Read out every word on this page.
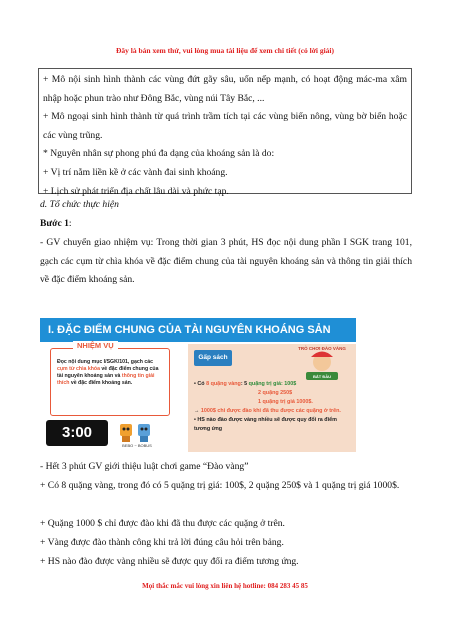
Đây là bản xem thử, vui lòng mua tài liệu để xem chi tiết (có lời giải)

+ Mô nội sinh hình thành các vùng đứt gãy sâu, uốn nếp mạnh, có hoạt động mác-ma xâm nhập hoặc phun trào như Đông Bắc, vùng núi Tây Bắc, ...

+ Mô ngoại sinh hình thành từ quá trình trầm tích tại các vùng biển nông, vùng bờ biển hoặc các vùng trũng.

* Nguyên nhân sự phong phú đa dạng của khoáng sản là do:

+ Vị trí nằm liền kề ở các vành đai sinh khoáng.

+ Lịch sử phát triển địa chất lâu dài và phức tạp.

d. Tổ chức thực hiện

Bước 1:

- GV chuyển giao nhiệm vụ: Trong thời gian 3 phút, HS đọc nội dung phần I SGK trang 101, gạch các cụm từ chìa khóa về đặc điểm chung của tài nguyên khoáng sản và thông tin giải thích về đặc điểm khoáng sản.

I. ĐẶC ĐIỂM CHUNG CỦA TÀI NGUYÊN KHOÁNG SẢN
NHIỆM VỤ
Đọc nội dung mục I/SGK/101, gạch các cụm từ chìa khóa về đặc điểm chung của tài nguyên khoáng sản và thông tin giải thích về đặc điểm khoáng sản.
3:00
BEBO ~ BOBUS
Gấp sách
TRÒ CHƠI ĐÀO VÀNG
BẮT ĐẦU
• Có 8 quặng vàng: 5 quặng trị giá: 100$
2 quặng 250$
1 quặng trị giá 1000$.
→ 1000$ chỉ được đào khi đã thu được các quặng ở trên.
• HS nào đào được vàng nhiều sẽ được quy đổi ra điểm tương ứng

- Hết 3 phút GV giới thiệu luật chơi game “Đào vàng”

+ Có 8 quặng vàng, trong đó có 5 quặng trị giá: 100$, 2 quặng 250$ và 1 quặng trị giá 1000$.

+ Quặng 1000 $ chỉ được đào khi đã thu được các quặng ở trên.

+ Vàng được đào thành công khi trả lời đúng câu hỏi trên bảng.

+ HS nào đào được vàng nhiều sẽ được quy đổi ra điểm tương ứng.

Mọi thắc mắc vui lòng xin liên hệ hotline: 084 283 45 85
